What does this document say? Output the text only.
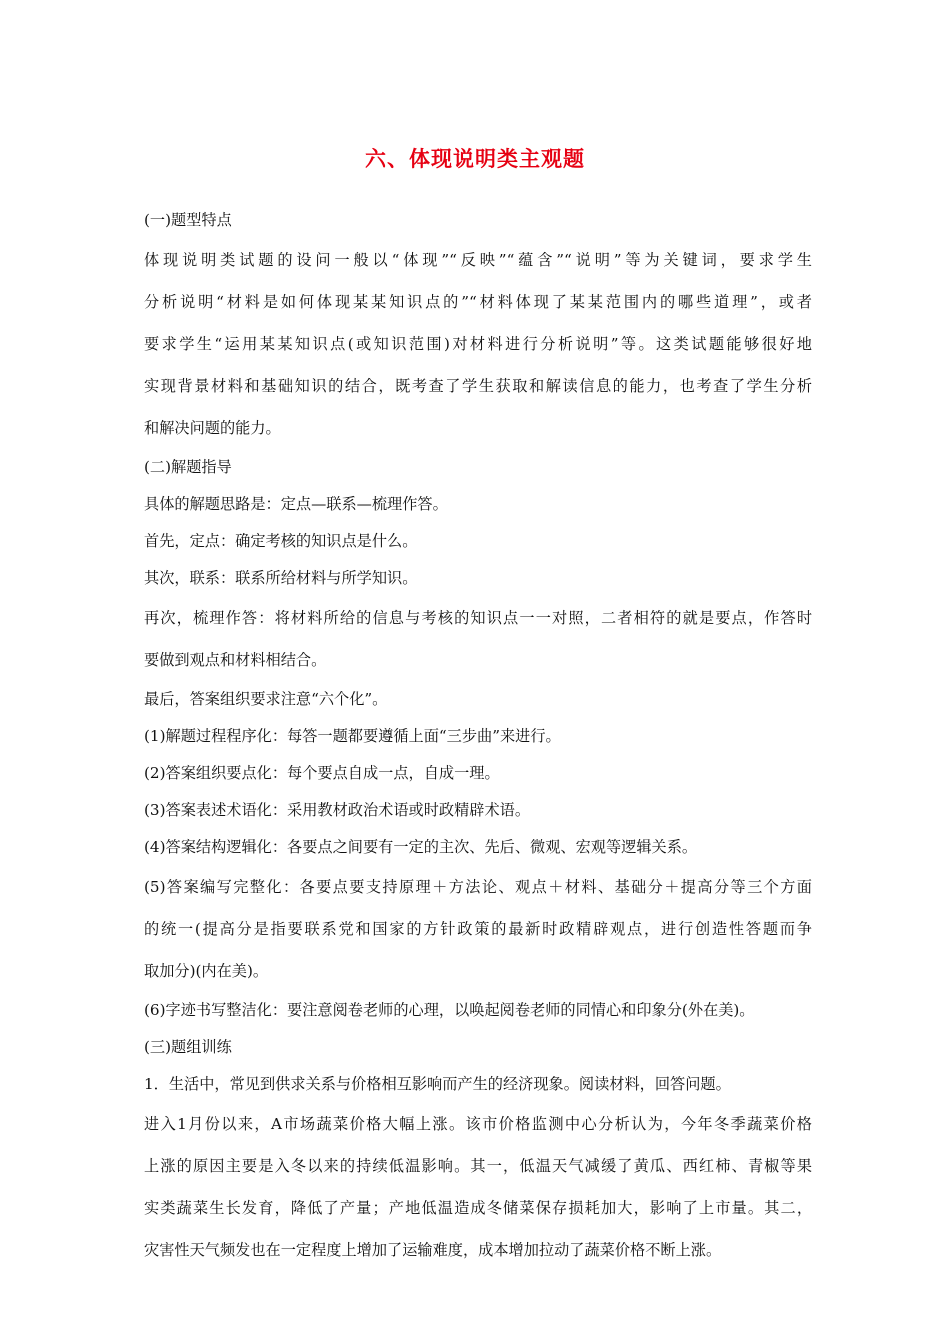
六、体现说明类主观题
(一)题型特点
体现说明类试题的设问一般以“体现”“反映”“蕴含”“说明”等为关键词，要求学生
分析说明“材料是如何体现某某知识点的”“材料体现了某某范围内的哪些道理”，或者
要求学生“运用某某知识点(或知识范围)对材料进行分析说明”等。这类试题能够很好地
实现背景材料和基础知识的结合，既考查了学生获取和解读信息的能力，也考查了学生分析
和解决问题的能力。
(二)解题指导
具体的解题思路是：定点—联系—梳理作答。
首先，定点：确定考核的知识点是什么。
其次，联系：联系所给材料与所学知识。
再次，梳理作答：将材料所给的信息与考核的知识点一一对照，二者相符的就是要点，作答时
要做到观点和材料相结合。
最后，答案组织要求注意“六个化”。
(1)解题过程程序化：每答一题都要遵循上面“三步曲”来进行。
(2)答案组织要点化：每个要点自成一点，自成一理。
(3)答案表述术语化：采用教材政治术语或时政精辟术语。
(4)答案结构逻辑化：各要点之间要有一定的主次、先后、微观、宏观等逻辑关系。
(5)答案编写完整化：各要点要支持原理＋方法论、观点＋材料、基础分＋提高分等三个方面
的统一(提高分是指要联系党和国家的方针政策的最新时政精辟观点，进行创造性答题而争
取加分)(内在美)。
(6)字迹书写整洁化：要注意阅卷老师的心理，以唤起阅卷老师的同情心和印象分(外在美)。
(三)题组训练
1．生活中，常见到供求关系与价格相互影响而产生的经济现象。阅读材料，回答问题。
进入1月份以来，A市场蔬菜价格大幅上涨。该市价格监测中心分析认为，今年冬季蔬菜价格
上涨的原因主要是入冬以来的持续低温影响。其一，低温天气减缓了黄瓜、西红柿、青椒等果
实类蔬菜生长发育，降低了产量；产地低温造成冬储菜保存损耗加大，影响了上市量。其二，
灾害性天气频发也在一定程度上增加了运输难度，成本增加拉动了蔬菜价格不断上涨。
